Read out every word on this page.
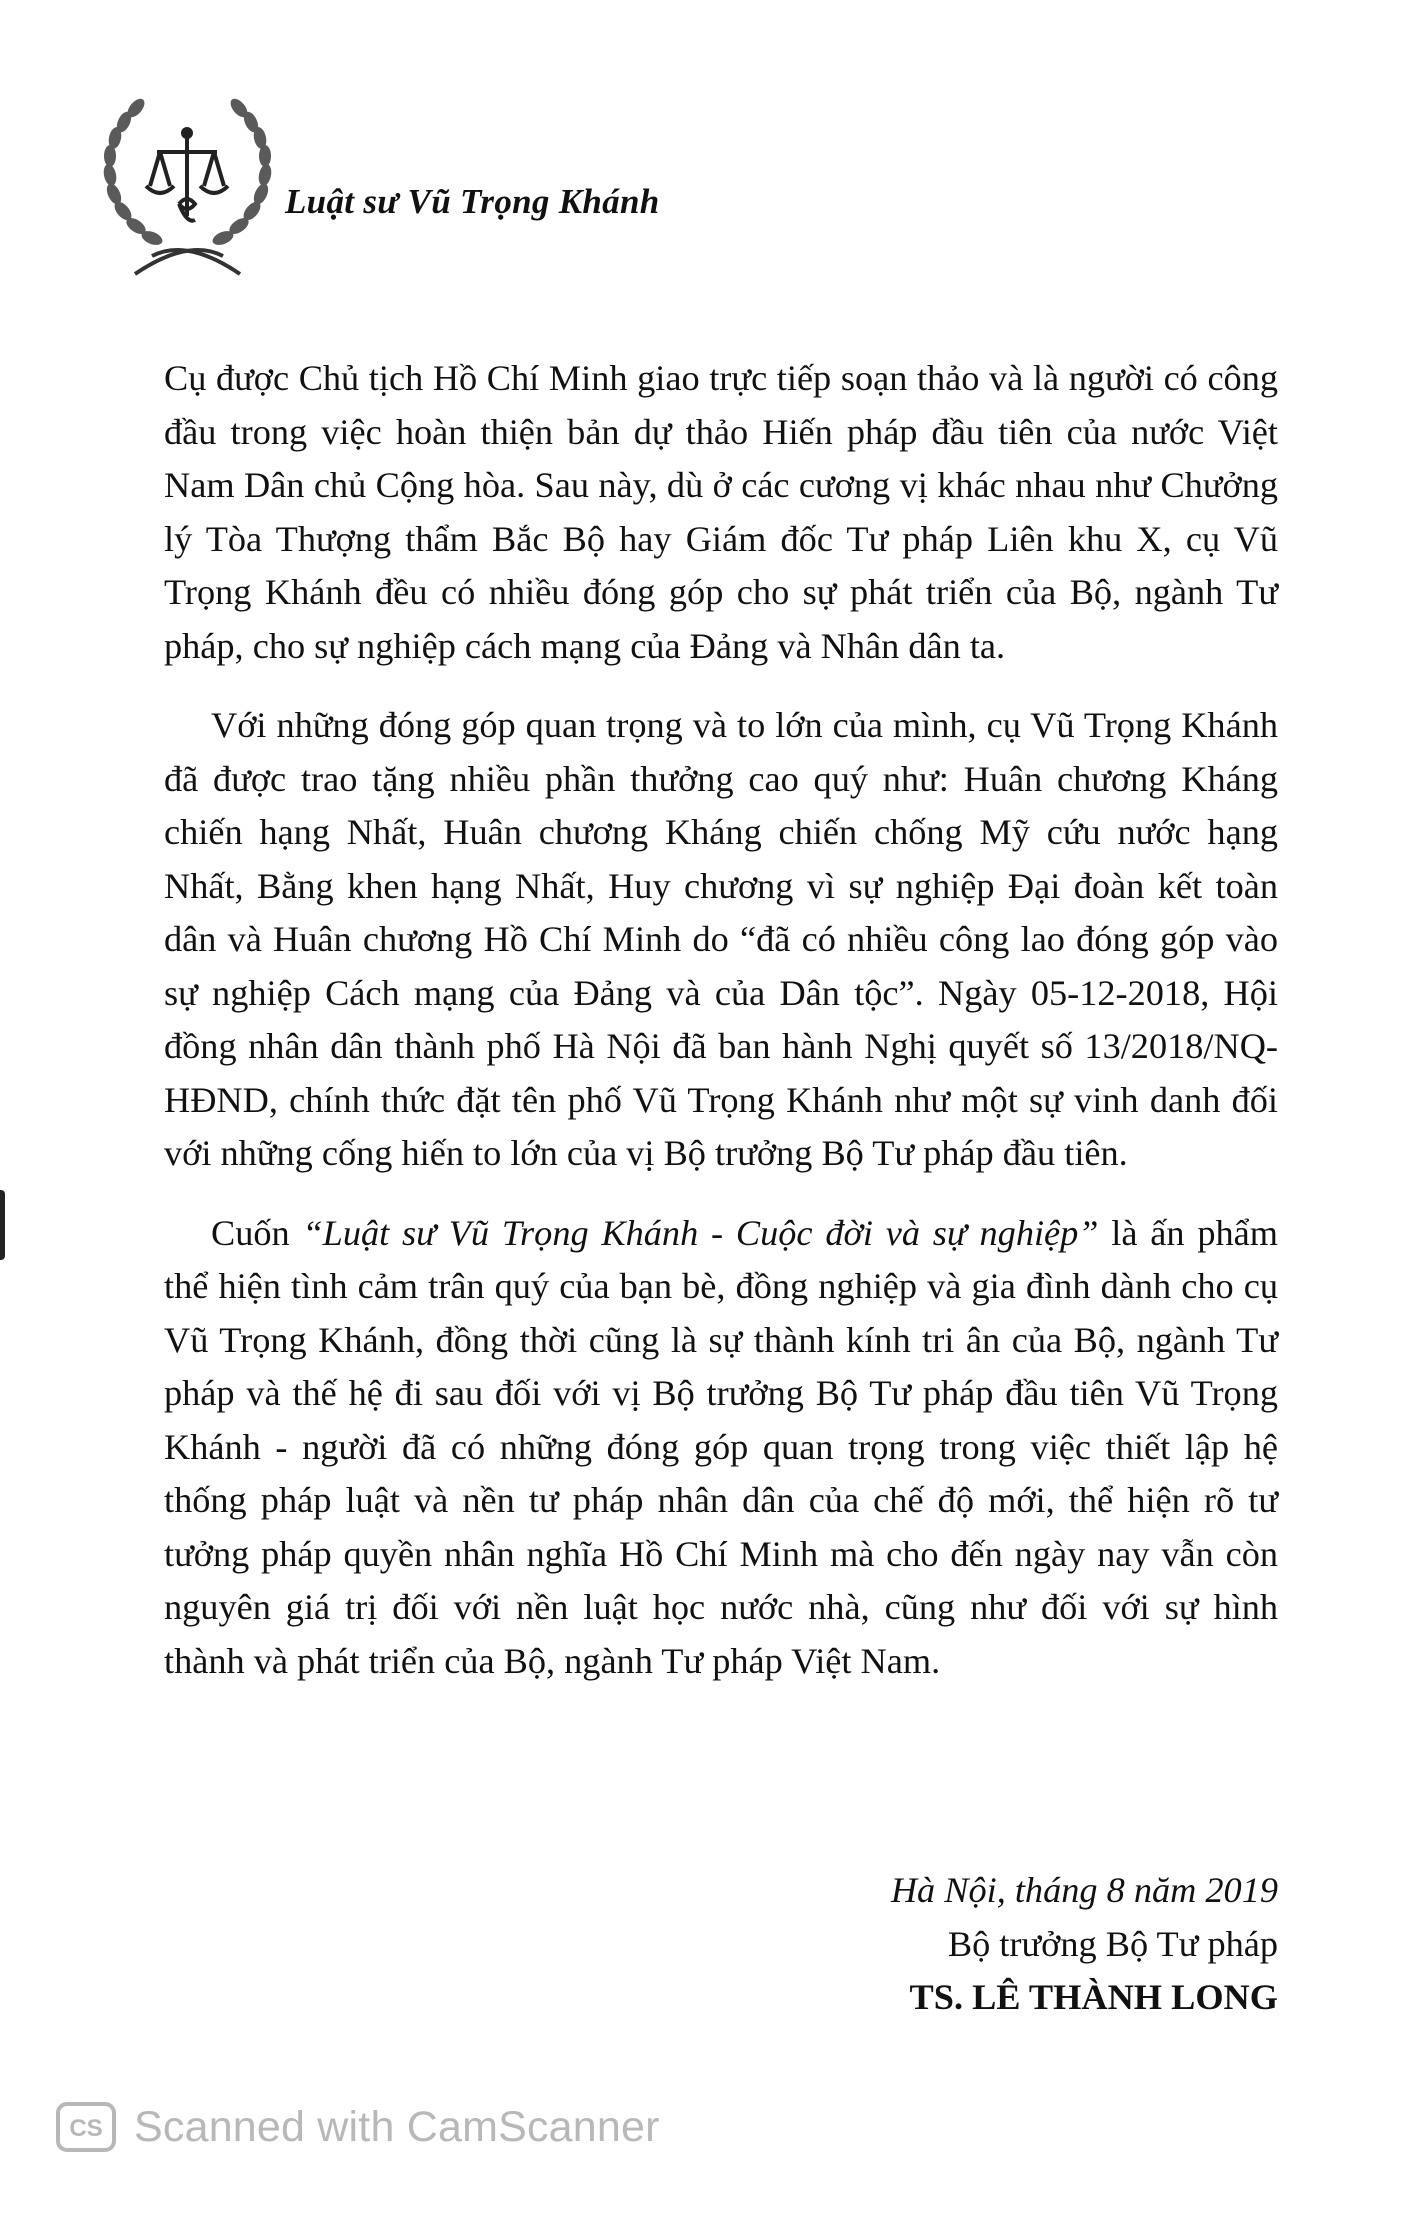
Luật sư Vũ Trọng Khánh

Cụ được Chủ tịch Hồ Chí Minh giao trực tiếp soạn thảo và là người có công đầu trong việc hoàn thiện bản dự thảo Hiến pháp đầu tiên của nước Việt Nam Dân chủ Cộng hòa. Sau này, dù ở các cương vị khác nhau như Chưởng lý Tòa Thượng thẩm Bắc Bộ hay Giám đốc Tư pháp Liên khu X, cụ Vũ Trọng Khánh đều có nhiều đóng góp cho sự phát triển của Bộ, ngành Tư pháp, cho sự nghiệp cách mạng của Đảng và Nhân dân ta.

Với những đóng góp quan trọng và to lớn của mình, cụ Vũ Trọng Khánh đã được trao tặng nhiều phần thưởng cao quý như: Huân chương Kháng chiến hạng Nhất, Huân chương Kháng chiến chống Mỹ cứu nước hạng Nhất, Bằng khen hạng Nhất, Huy chương vì sự nghiệp Đại đoàn kết toàn dân và Huân chương Hồ Chí Minh do “đã có nhiều công lao đóng góp vào sự nghiệp Cách mạng của Đảng và của Dân tộc”. Ngày 05-12-2018, Hội đồng nhân dân thành phố Hà Nội đã ban hành Nghị quyết số 13/2018/NQ-HĐND, chính thức đặt tên phố Vũ Trọng Khánh như một sự vinh danh đối với những cống hiến to lớn của vị Bộ trưởng Bộ Tư pháp đầu tiên.

Cuốn “Luật sư Vũ Trọng Khánh - Cuộc đời và sự nghiệp” là ấn phẩm thể hiện tình cảm trân quý của bạn bè, đồng nghiệp và gia đình dành cho cụ Vũ Trọng Khánh, đồng thời cũng là sự thành kính tri ân của Bộ, ngành Tư pháp và thế hệ đi sau đối với vị Bộ trưởng Bộ Tư pháp đầu tiên Vũ Trọng Khánh - người đã có những đóng góp quan trọng trong việc thiết lập hệ thống pháp luật và nền tư pháp nhân dân của chế độ mới, thể hiện rõ tư tưởng pháp quyền nhân nghĩa Hồ Chí Minh mà cho đến ngày nay vẫn còn nguyên giá trị đối với nền luật học nước nhà, cũng như đối với sự hình thành và phát triển của Bộ, ngành Tư pháp Việt Nam.

Hà Nội, tháng 8 năm 2019
Bộ trưởng Bộ Tư pháp
TS. LÊ THÀNH LONG
CS Scanned with CamScanner
